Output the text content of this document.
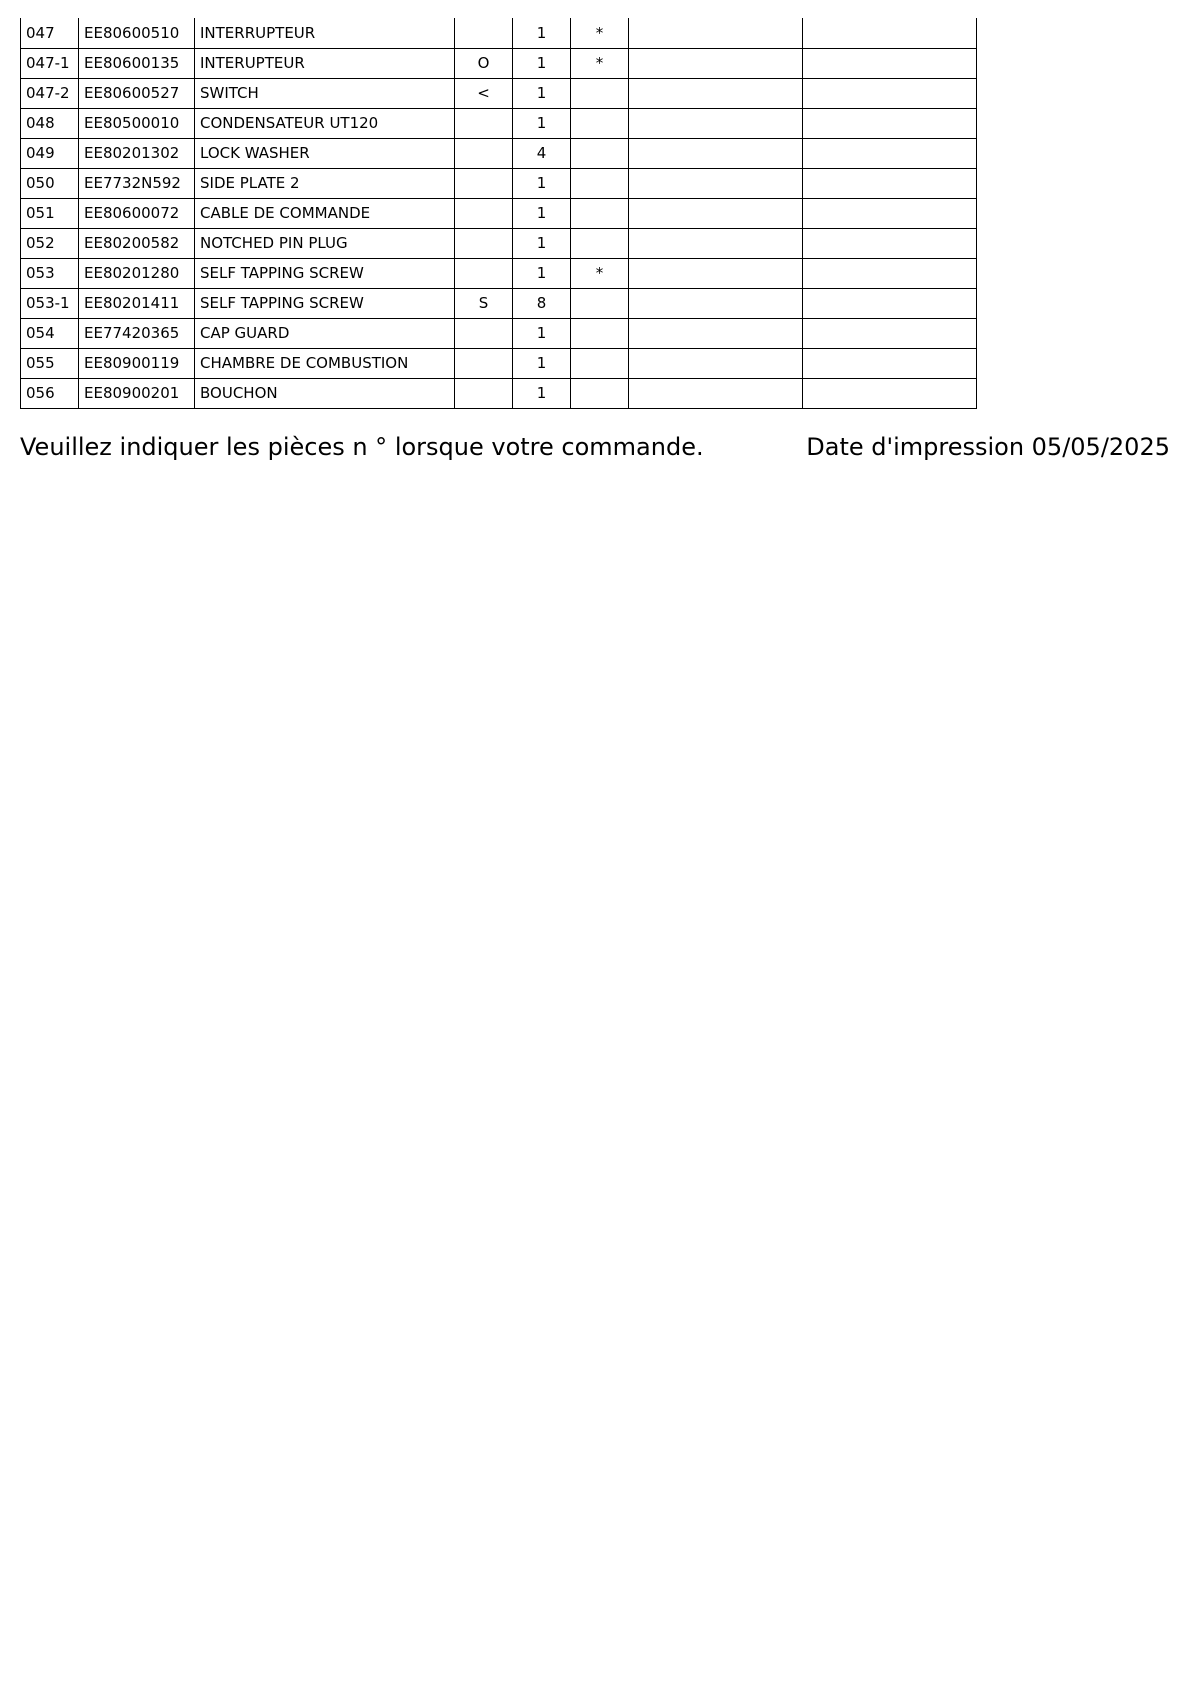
047	EE80600510	INTERRUPTEUR		1	*		
047-1	EE80600135	INTERUPTEUR	O	1	*		
047-2	EE80600527	SWITCH	<	1			
048	EE80500010	CONDENSATEUR UT120		1			
049	EE80201302	LOCK WASHER		4			
050	EE7732N592	SIDE PLATE 2		1			
051	EE80600072	CABLE DE COMMANDE		1			
052	EE80200582	NOTCHED PIN PLUG		1			
053	EE80201280	SELF TAPPING SCREW		1	*		
053-1	EE80201411	SELF TAPPING SCREW	S	8			
054	EE77420365	CAP GUARD		1			
055	EE80900119	CHAMBRE DE COMBUSTION		1			
056	EE80900201	BOUCHON		1			
Veuillez indiquer les pièces n ° lorsque votre commande.	Date d'impression 05/05/2025
